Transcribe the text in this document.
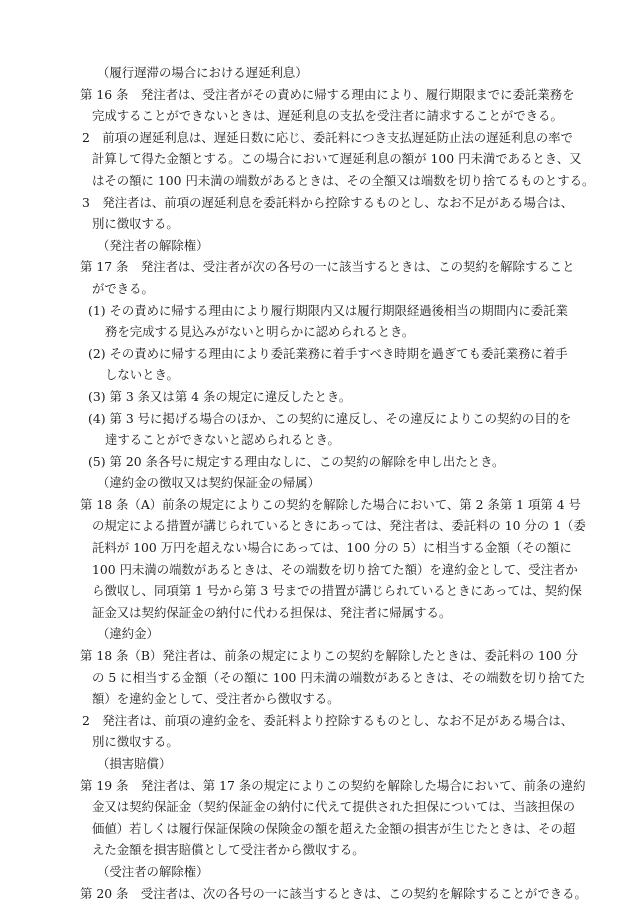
（履行遅滞の場合における遅延利息）
第 16 条　発注者は、受注者がその責めに帰する理由により、履行期限までに委託業務を
完成することができないときは、遅延利息の支払を受注者に請求することができる。
2　前項の遅延利息は、遅延日数に応じ、委託料につき支払遅延防止法の遅延利息の率で
計算して得た金額とする。この場合において遅延利息の額が 100 円未満であるとき、又
はその額に 100 円未満の端数があるときは、その全額又は端数を切り捨てるものとする。
3　発注者は、前項の遅延利息を委託料から控除するものとし、なお不足がある場合は、
別に徴収する。
（発注者の解除権）
第 17 条　発注者は、受注者が次の各号の一に該当するときは、この契約を解除すること
ができる。
(1) その責めに帰する理由により履行期限内又は履行期限経過後相当の期間内に委託業
務を完成する見込みがないと明らかに認められるとき。
(2) その責めに帰する理由により委託業務に着手すべき時期を過ぎても委託業務に着手
しないとき。
(3) 第 3 条又は第 4 条の規定に違反したとき。
(4) 第 3 号に掲げる場合のほか、この契約に違反し、その違反によりこの契約の目的を
達することができないと認められるとき。
(5) 第 20 条各号に規定する理由なしに、この契約の解除を申し出たとき。
（違約金の徴収又は契約保証金の帰属）
第 18 条（A）前条の規定によりこの契約を解除した場合において、第 2 条第 1 項第 4 号
の規定による措置が講じられているときにあっては、発注者は、委託料の 10 分の 1（委
託料が 100 万円を超えない場合にあっては、100 分の 5）に相当する金額（その額に
100 円未満の端数があるときは、その端数を切り捨てた額）を違約金として、受注者か
ら徴収し、同項第 1 号から第 3 号までの措置が講じられているときにあっては、契約保
証金又は契約保証金の納付に代わる担保は、発注者に帰属する。
（違約金）
第 18 条（B）発注者は、前条の規定によりこの契約を解除したときは、委託料の 100 分
の 5 に相当する金額（その額に 100 円未満の端数があるときは、その端数を切り捨てた
額）を違約金として、受注者から徴収する。
2　発注者は、前項の違約金を、委託料より控除するものとし、なお不足がある場合は、
別に徴収する。
（損害賠償）
第 19 条　発注者は、第 17 条の規定によりこの契約を解除した場合において、前条の違約
金又は契約保証金（契約保証金の納付に代えて提供された担保については、当該担保の
価値）若しくは履行保証保険の保険金の額を超えた金額の損害が生じたときは、その超
えた金額を損害賠償として受注者から徴収する。
（受注者の解除権）
第 20 条　受注者は、次の各号の一に該当するときは、この契約を解除することができる。
